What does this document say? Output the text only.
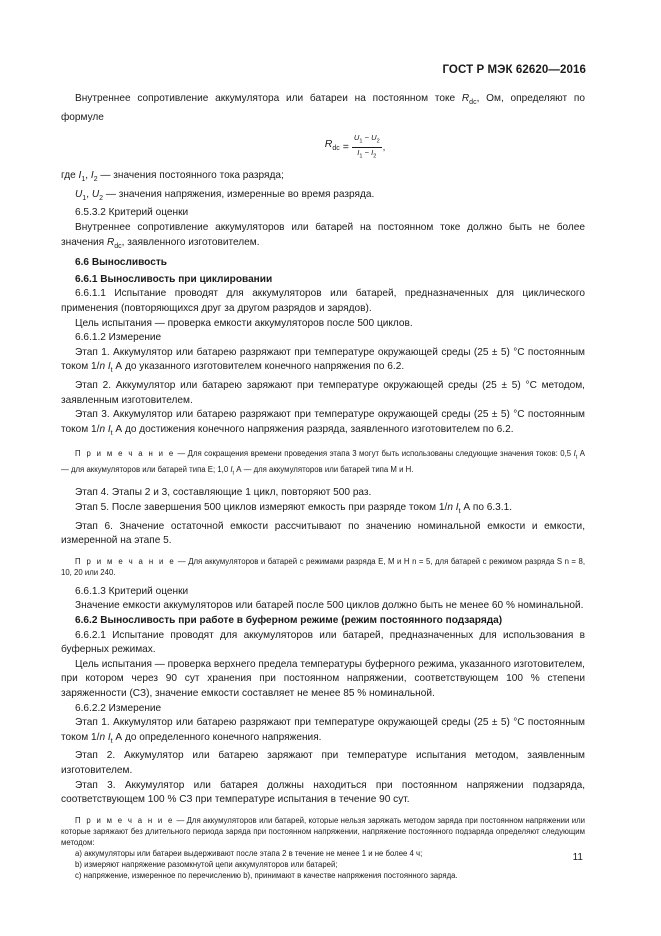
ГОСТ Р МЭК 62620—2016

Внутреннее сопротивление аккумулятора или батареи на постоянном токе $R_{dc}$, Ом, определяют по формуле

$R_{dc} = \frac{U_1 - U_2}{I_1 - I_2}$ ,

где $I_1$, $I_2$ — значения постоянного тока разряда;

$U_1$, $U_2$ — значения напряжения, измеренные во время разряда.

6.5.3.2 Критерий оценки

Внутреннее сопротивление аккумуляторов или батарей на постоянном токе должно быть не более значения $R_{dc}$, заявленного изготовителем.

6.6 Выносливость

6.6.1 Выносливость при циклировании

6.6.1.1 Испытание проводят для аккумуляторов или батарей, предназначенных для циклического применения (повторяющихся друг за другом разрядов и зарядов).

Цель испытания — проверка емкости аккумуляторов после 500 циклов.

6.6.1.2 Измерение

Этап 1. Аккумулятор или батарею разряжают при температуре окружающей среды (25 ± 5) °С постоянным током 1/n $I_t$ А до указанного изготовителем конечного напряжения по 6.2.

Этап 2. Аккумулятор или батарею заряжают при температуре окружающей среды (25 ± 5) °С методом, заявленным изготовителем.

Этап 3. Аккумулятор или батарею разряжают при температуре окружающей среды (25 ± 5) °С постоянным током 1/n $I_t$ А до достижения конечного напряжения разряда, заявленного изготовителем по 6.2.

П р и м е ч а н и е — Для сокращения времени проведения этапа 3 могут быть использованы следующие значения токов: 0,5 $I_t$ А — для аккумуляторов или батарей типа Е; 1,0 $I_t$ А — для аккумуляторов или батарей типа М и Н.

Этап 4. Этапы 2 и 3, составляющие 1 цикл, повторяют 500 раз.

Этап 5. После завершения 500 циклов измеряют емкость при разряде током 1/n $I_t$ А по 6.3.1.

Этап 6. Значение остаточной емкости рассчитывают по значению номинальной емкости и емкости, измеренной на этапе 5.

П р и м е ч а н и е — Для аккумуляторов и батарей с режимами разряда Е, М и Н n = 5, для батарей с режимом разряда S n = 8, 10, 20 или 240.

6.6.1.3 Критерий оценки

Значение емкости аккумуляторов или батарей после 500 циклов должно быть не менее 60 % номинальной.

6.6.2 Выносливость при работе в буферном режиме (режим постоянного подзаряда)

6.6.2.1 Испытание проводят для аккумуляторов или батарей, предназначенных для использования в буферных режимах.

Цель испытания — проверка верхнего предела температуры буферного режима, указанного изготовителем, при котором через 90 сут хранения при постоянном напряжении, соответствующем 100 % степени заряженности (СЗ), значение емкости составляет не менее 85 % номинальной.

6.6.2.2 Измерение

Этап 1. Аккумулятор или батарею разряжают при температуре окружающей среды (25 ± 5) °С постоянным током 1/n $I_t$ А до определенного конечного напряжения.

Этап 2. Аккумулятор или батарею заряжают при температуре испытания методом, заявленным изготовителем.

Этап 3. Аккумулятор или батарея должны находиться при постоянном напряжении подзаряда, соответствующем 100 % СЗ при температуре испытания в течение 90 сут.

П р и м е ч а н и е — Для аккумуляторов или батарей, которые нельзя заряжать методом заряда при постоянном напряжении или которые заряжают без длительного периода заряда при постоянном напряжении, напряжение постоянного подзаряда определяют следующим методом:

а) аккумуляторы или батареи выдерживают после этапа 2 в течение не менее 1 и не более 4 ч;

b) измеряют напряжение разомкнутой цепи аккумуляторов или батарей;

c) напряжение, измеренное по перечислению b), принимают в качестве напряжения постоянного заряда.

11
